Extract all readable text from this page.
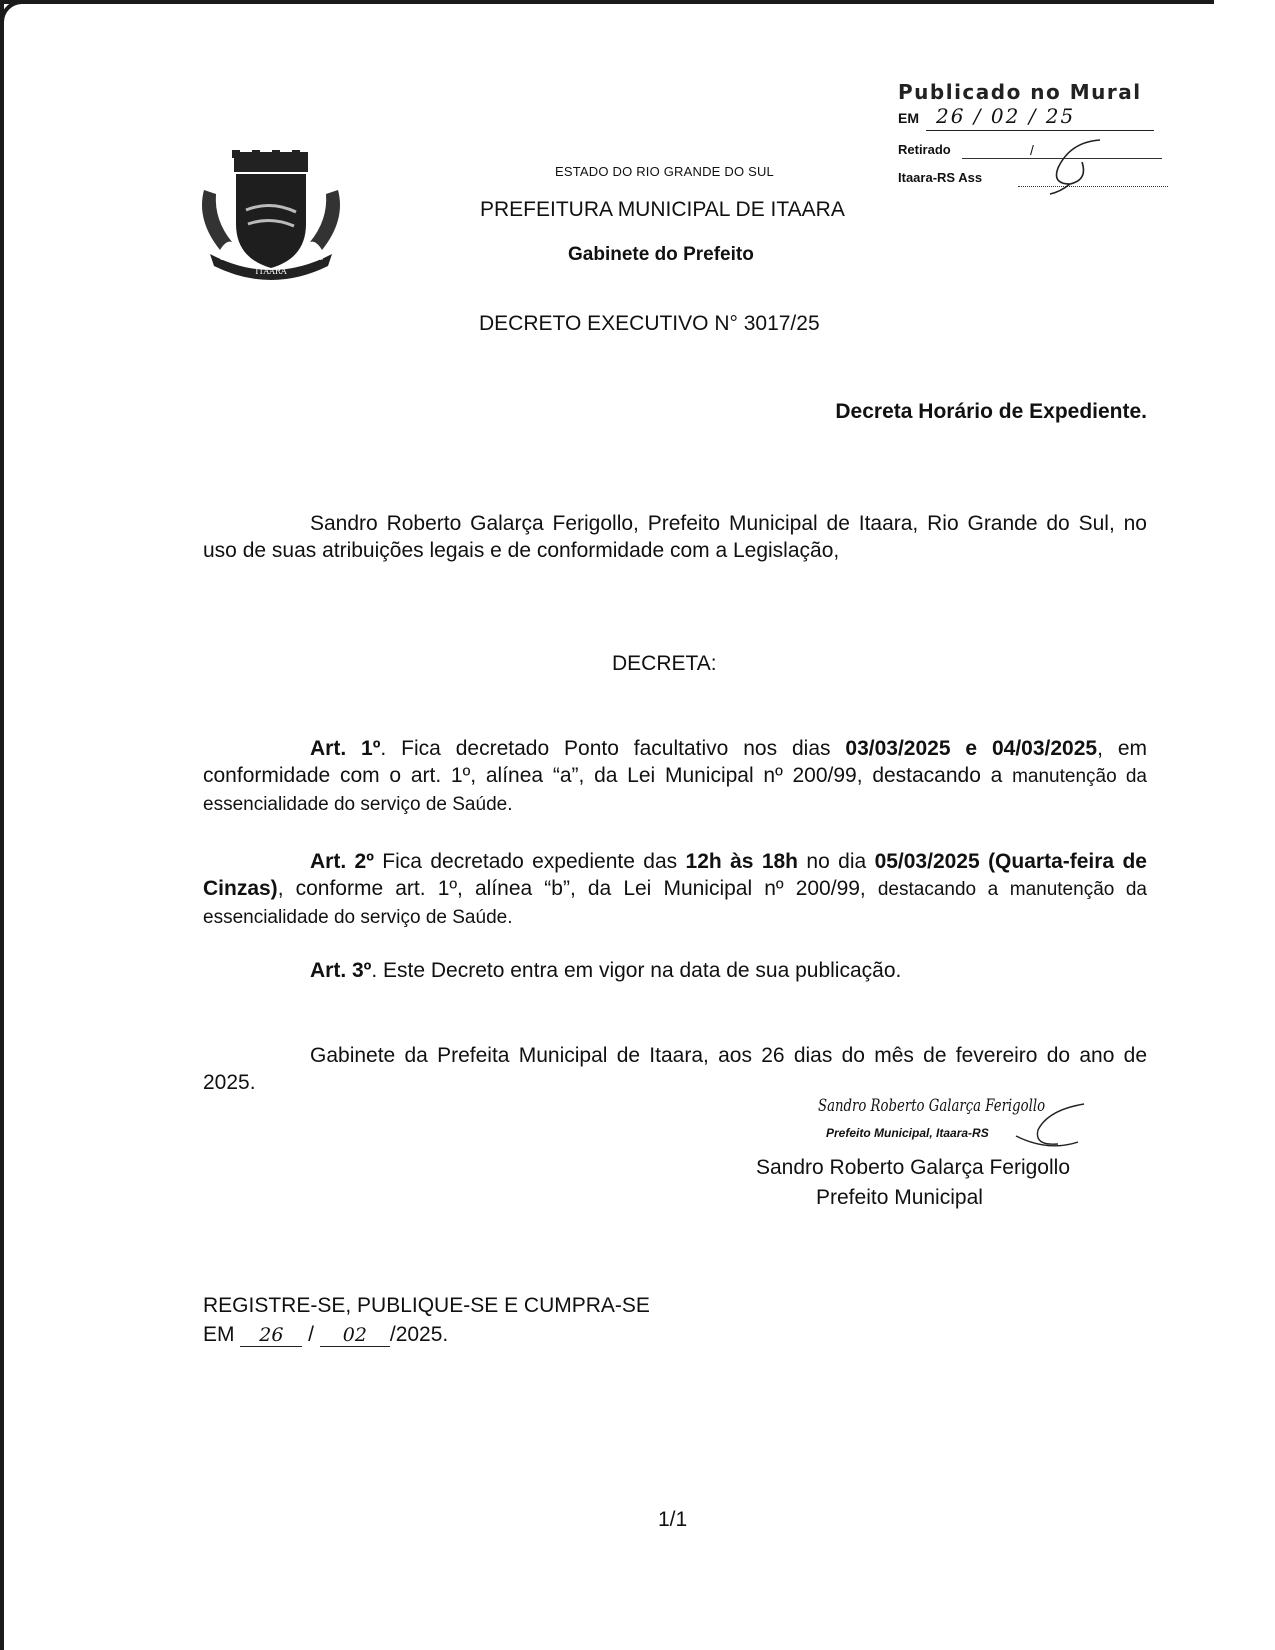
ITAARA
1937	1995
ESTADO DO RIO GRANDE DO SUL
PREFEITURA MUNICIPAL DE ITAARA
Gabinete do Prefeito
Publicado no Mural
EM 26 / 02 / 25
Retirado	/
Itaara-RS Ass
DECRETO EXECUTIVO N° 3017/25
Decreta Horário de Expediente.
Sandro Roberto Galarça Ferigollo, Prefeito Municipal de Itaara, Rio Grande do Sul, no uso de suas atribuições legais e de conformidade com a Legislação,
DECRETA:
Art. 1º. Fica decretado Ponto facultativo nos dias 03/03/2025 e 04/03/2025, em conformidade com o art. 1º, alínea “a”, da Lei Municipal nº 200/99, destacando a manutenção da essencialidade do serviço de Saúde.
Art. 2º Fica decretado expediente das 12h às 18h no dia 05/03/2025 (Quarta-feira de Cinzas), conforme art. 1º, alínea “b”, da Lei Municipal nº 200/99, destacando a manutenção da essencialidade do serviço de Saúde.
Art. 3º. Este Decreto entra em vigor na data de sua publicação.
Gabinete da Prefeita Municipal de Itaara, aos 26 dias do mês de fevereiro do ano de 2025.
Sandro Roberto Galarça Ferigollo
Prefeito Municipal, Itaara-RS
Sandro Roberto Galarça Ferigollo
Prefeito Municipal
REGISTRE-SE, PUBLIQUE-SE E CUMPRA-SE
EM 26 / 02 /2025.
1/1
